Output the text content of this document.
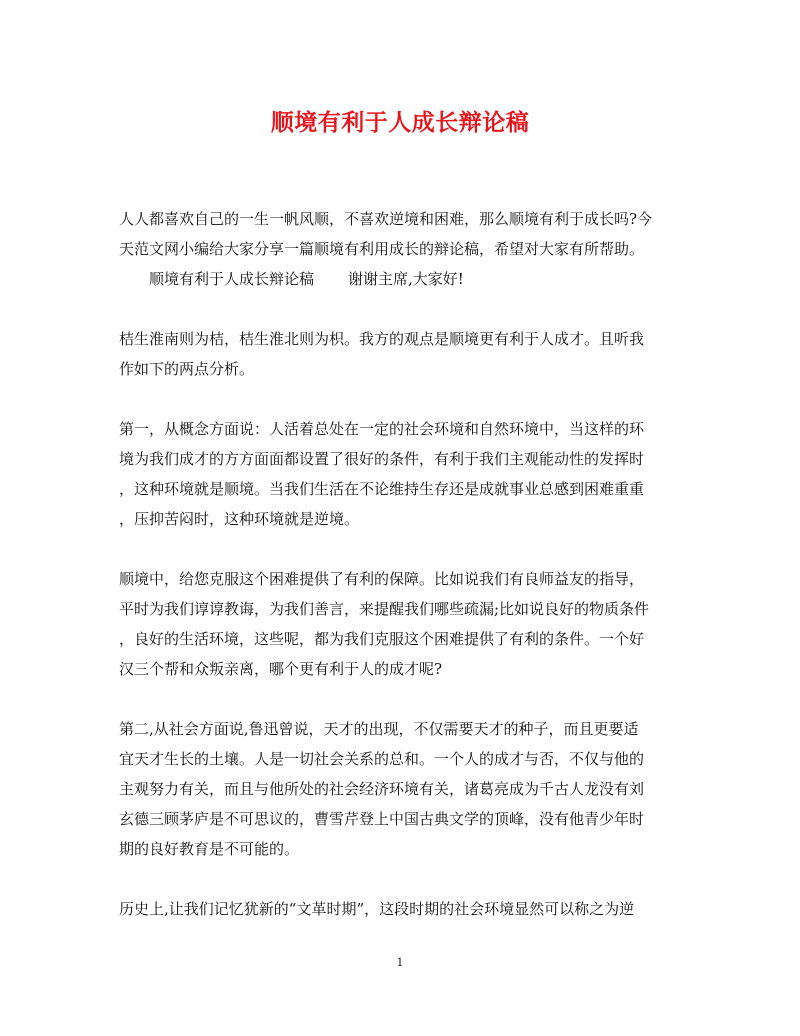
顺境有利于人成长辩论稿
人人都喜欢自己的一生一帆风顺，不喜欢逆境和困难，那么顺境有利于成长吗?今
天范文网小编给大家分享一篇顺境有利用成长的辩论稿，希望对大家有所帮助。
顺境有利于人成长辩论稿 谢谢主席,大家好!
桔生淮南则为桔，桔生淮北则为枳。我方的观点是顺境更有利于人成才。且听我
作如下的两点分析。
第一，从概念方面说：人活着总处在一定的社会环境和自然环境中，当这样的环
境为我们成才的方方面面都设置了很好的条件，有利于我们主观能动性的发挥时
，这种环境就是顺境。当我们生活在不论维持生存还是成就事业总感到困难重重
，压抑苦闷时，这种环境就是逆境。
顺境中，给您克服这个困难提供了有利的保障。比如说我们有良师益友的指导，
平时为我们谆谆教诲，为我们善言，来提醒我们哪些疏漏;比如说良好的物质条件
，良好的生活环境，这些呢，都为我们克服这个困难提供了有利的条件。一个好
汉三个帮和众叛亲离，哪个更有利于人的成才呢?
第二,从社会方面说,鲁迅曾说，天才的出现，不仅需要天才的种子，而且更要适
宜天才生长的土壤。人是一切社会关系的总和。一个人的成才与否，不仅与他的
主观努力有关，而且与他所处的社会经济环境有关，诸葛亮成为千古人龙没有刘
玄德三顾茅庐是不可思议的，曹雪芹登上中国古典文学的顶峰，没有他青少年时
期的良好教育是不可能的。
历史上,让我们记忆犹新的“文革时期”，这段时期的社会环境显然可以称之为逆
1
